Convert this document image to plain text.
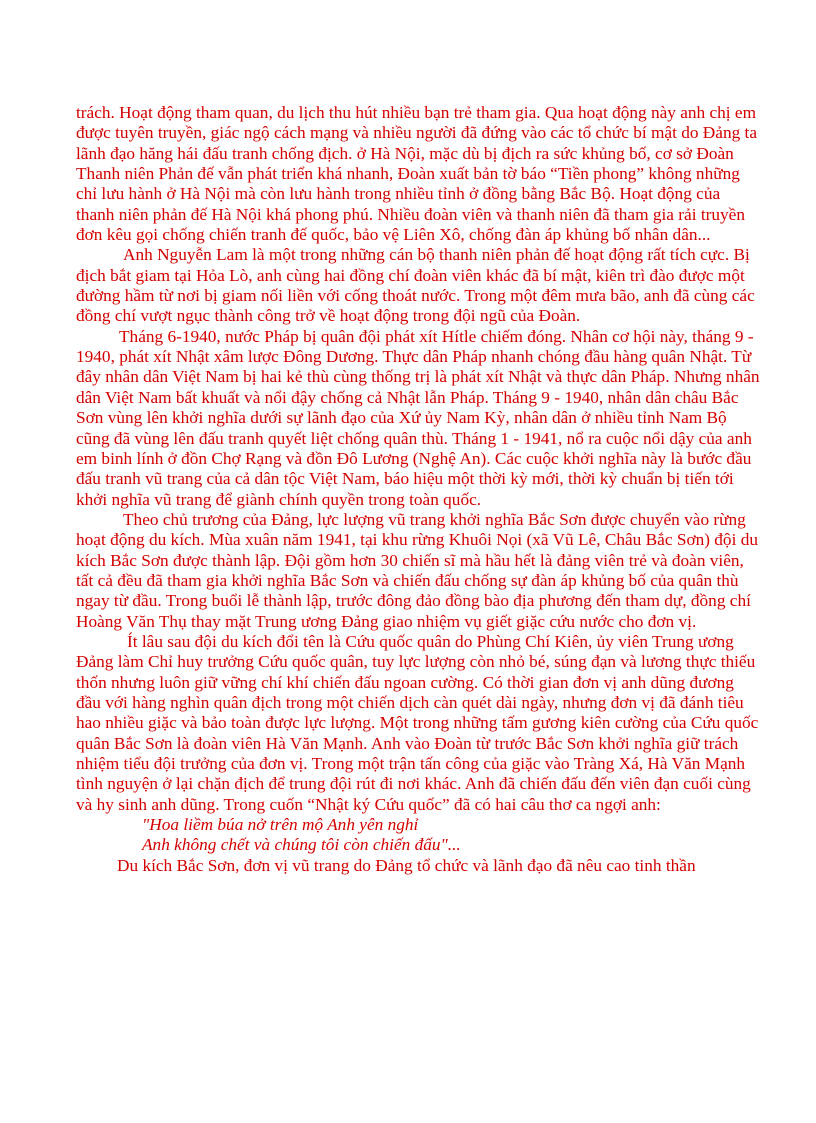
trách. Hoạt động tham quan, du lịch thu hút nhiều bạn trẻ tham gia. Qua hoạt động này anh chị em được tuyên truyền, giác ngộ cách mạng và nhiều người đã đứng vào các tổ chức bí mật do Đảng ta lãnh đạo hăng hái đấu tranh chống địch. ở Hà Nội, mặc dù bị địch ra sức khủng bố, cơ sở Đoàn Thanh niên Phản đế vẫn phát triển khá nhanh, Đoàn xuất bản tờ báo “Tiền phong” không những chỉ lưu hành ở Hà Nội mà còn lưu hành trong nhiều tỉnh ở đồng bằng Bắc Bộ. Hoạt động của thanh niên phản đế Hà Nội khá phong phú. Nhiều đoàn viên và thanh niên đã tham gia rải truyền đơn kêu gọi chống chiến tranh đế quốc, bảo vệ Liên Xô, chống đàn áp khủng bố nhân dân...

Anh Nguyễn Lam là một trong những cán bộ thanh niên phản đế hoạt động rất tích cực. Bị địch bắt giam tại Hỏa Lò, anh cùng hai đồng chí đoàn viên khác đã bí mật, kiên trì đào được một đường hầm từ nơi bị giam nối liền với cống thoát nước. Trong một đêm mưa bão, anh đã cùng các đồng chí vượt ngục thành công trở về hoạt động trong đội ngũ của Đoàn.

Tháng 6-1940, nước Pháp bị quân đội phát xít Hítle chiếm đóng. Nhân cơ hội này, tháng 9 - 1940, phát xít Nhật xâm lược Đông Dương. Thực dân Pháp nhanh chóng đầu hàng quân Nhật. Từ đây nhân dân Việt Nam bị hai kẻ thù cùng thống trị là phát xít Nhật và thực dân Pháp. Nhưng nhân dân Việt Nam bất khuất và nổi đậy chống cả Nhật lẫn Pháp. Tháng 9 - 1940, nhân dân châu Bắc Sơn vùng lên khởi nghĩa dưới sự lãnh đạo của Xứ ủy Nam Kỳ, nhân dân ở nhiều tỉnh Nam Bộ cũng đã vùng lên đấu tranh quyết liệt chống quân thù. Tháng 1 - 1941, nổ ra cuộc nổi dậy của anh em binh lính ở đồn Chợ Rạng và đồn Đô Lương (Nghệ An). Các cuộc khởi nghĩa này là bước đầu đấu tranh vũ trang của cả dân tộc Việt Nam, báo hiệu một thời kỳ mới, thời kỳ chuẩn bị tiến tới khởi nghĩa vũ trang để giành chính quyền trong toàn quốc.

Theo chủ trương của Đảng, lực lượng vũ trang khởi nghĩa Bắc Sơn được chuyển vào rừng hoạt động du kích. Mùa xuân năm 1941, tại khu rừng Khuôi Nọi (xã Vũ Lê, Châu Bắc Sơn) đội du kích Bắc Sơn được thành lập. Đội gồm hơn 30 chiến sĩ mà hầu hết là đảng viên trẻ và đoàn viên, tất cả đều đã tham gia khởi nghĩa Bắc Sơn và chiến đấu chống sự đàn áp khủng bố của quân thù ngay từ đầu. Trong buổi lễ thành lập, trước đông đảo đồng bào địa phương đến tham dự, đồng chí Hoàng Văn Thụ thay mặt Trung ương Đảng giao nhiệm vụ giết giặc cứu nước cho đơn vị.

Ít lâu sau đội du kích đổi tên là Cứu quốc quân do Phùng Chí Kiên, ủy viên Trung ương Đảng làm Chỉ huy trưởng Cứu quốc quân, tuy lực lượng còn nhỏ bé, súng đạn và lương thực thiếu thốn nhưng luôn giữ vững chí khí chiến đấu ngoan cường. Có thời gian đơn vị anh dũng đương đầu với hàng nghìn quân địch trong một chiến dịch càn quét dài ngày, nhưng đơn vị đã đánh tiêu hao nhiều giặc và bảo toàn được lực lượng. Một trong những tấm gương kiên cường của Cứu quốc quân Bắc Sơn là đoàn viên Hà Văn Mạnh. Anh vào Đoàn từ trước Bắc Sơn khởi nghĩa giữ trách nhiệm tiểu đội trưởng của đơn vị. Trong một trận tấn công của giặc vào Tràng Xá, Hà Văn Mạnh tình nguyện ở lại chặn địch để trung đội rút đi nơi khác. Anh đã chiến đấu đến viên đạn cuối cùng và hy sinh anh dũng. Trong cuốn “Nhật ký Cứu quốc” đã có hai câu thơ ca ngợi anh:

"Hoa liềm búa nở trên mộ Anh yên nghỉ

Anh không chết và chúng tôi còn chiến đấu"...

Du kích Bắc Sơn, đơn vị vũ trang do Đảng tổ chức và lãnh đạo đã nêu cao tinh thần
